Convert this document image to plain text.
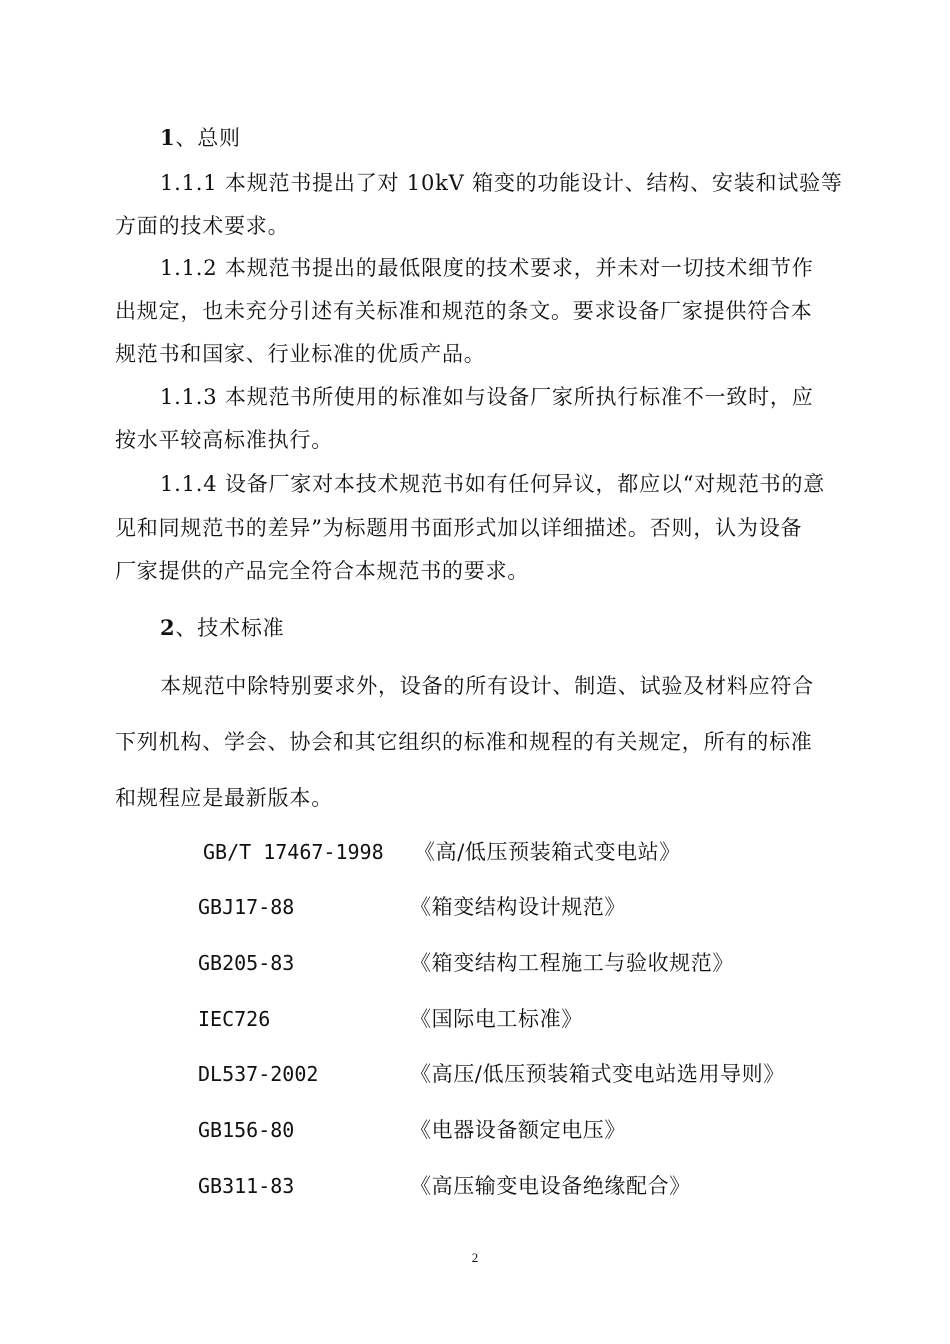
1、总则
1.1.1 本规范书提出了对 10kV 箱变的功能设计、结构、安装和试验等
方面的技术要求。
1.1.2 本规范书提出的最低限度的技术要求，并未对一切技术细节作
出规定，也未充分引述有关标准和规范的条文。要求设备厂家提供符合本
规范书和国家、行业标准的优质产品。
1.1.3 本规范书所使用的标准如与设备厂家所执行标准不一致时，应
按水平较高标准执行。
1.1.4 设备厂家对本技术规范书如有任何异议，都应以“对规范书的意
见和同规范书的差异”为标题用书面形式加以详细描述。否则，认为设备
厂家提供的产品完全符合本规范书的要求。
2、技术标准
本规范中除特别要求外，设备的所有设计、制造、试验及材料应符合
下列机构、学会、协会和其它组织的标准和规程的有关规定，所有的标准
和规程应是最新版本。
GB/T 17467-1998 《高/低压预装箱式变电站》
GBJ17-88	《箱变结构设计规范》
GB205-83	《箱变结构工程施工与验收规范》
IEC726	《国际电工标准》
DL537-2002	《高压/低压预装箱式变电站选用导则》
GB156-80	《电器设备额定电压》
GB311-83	《高压输变电设备绝缘配合》
2
